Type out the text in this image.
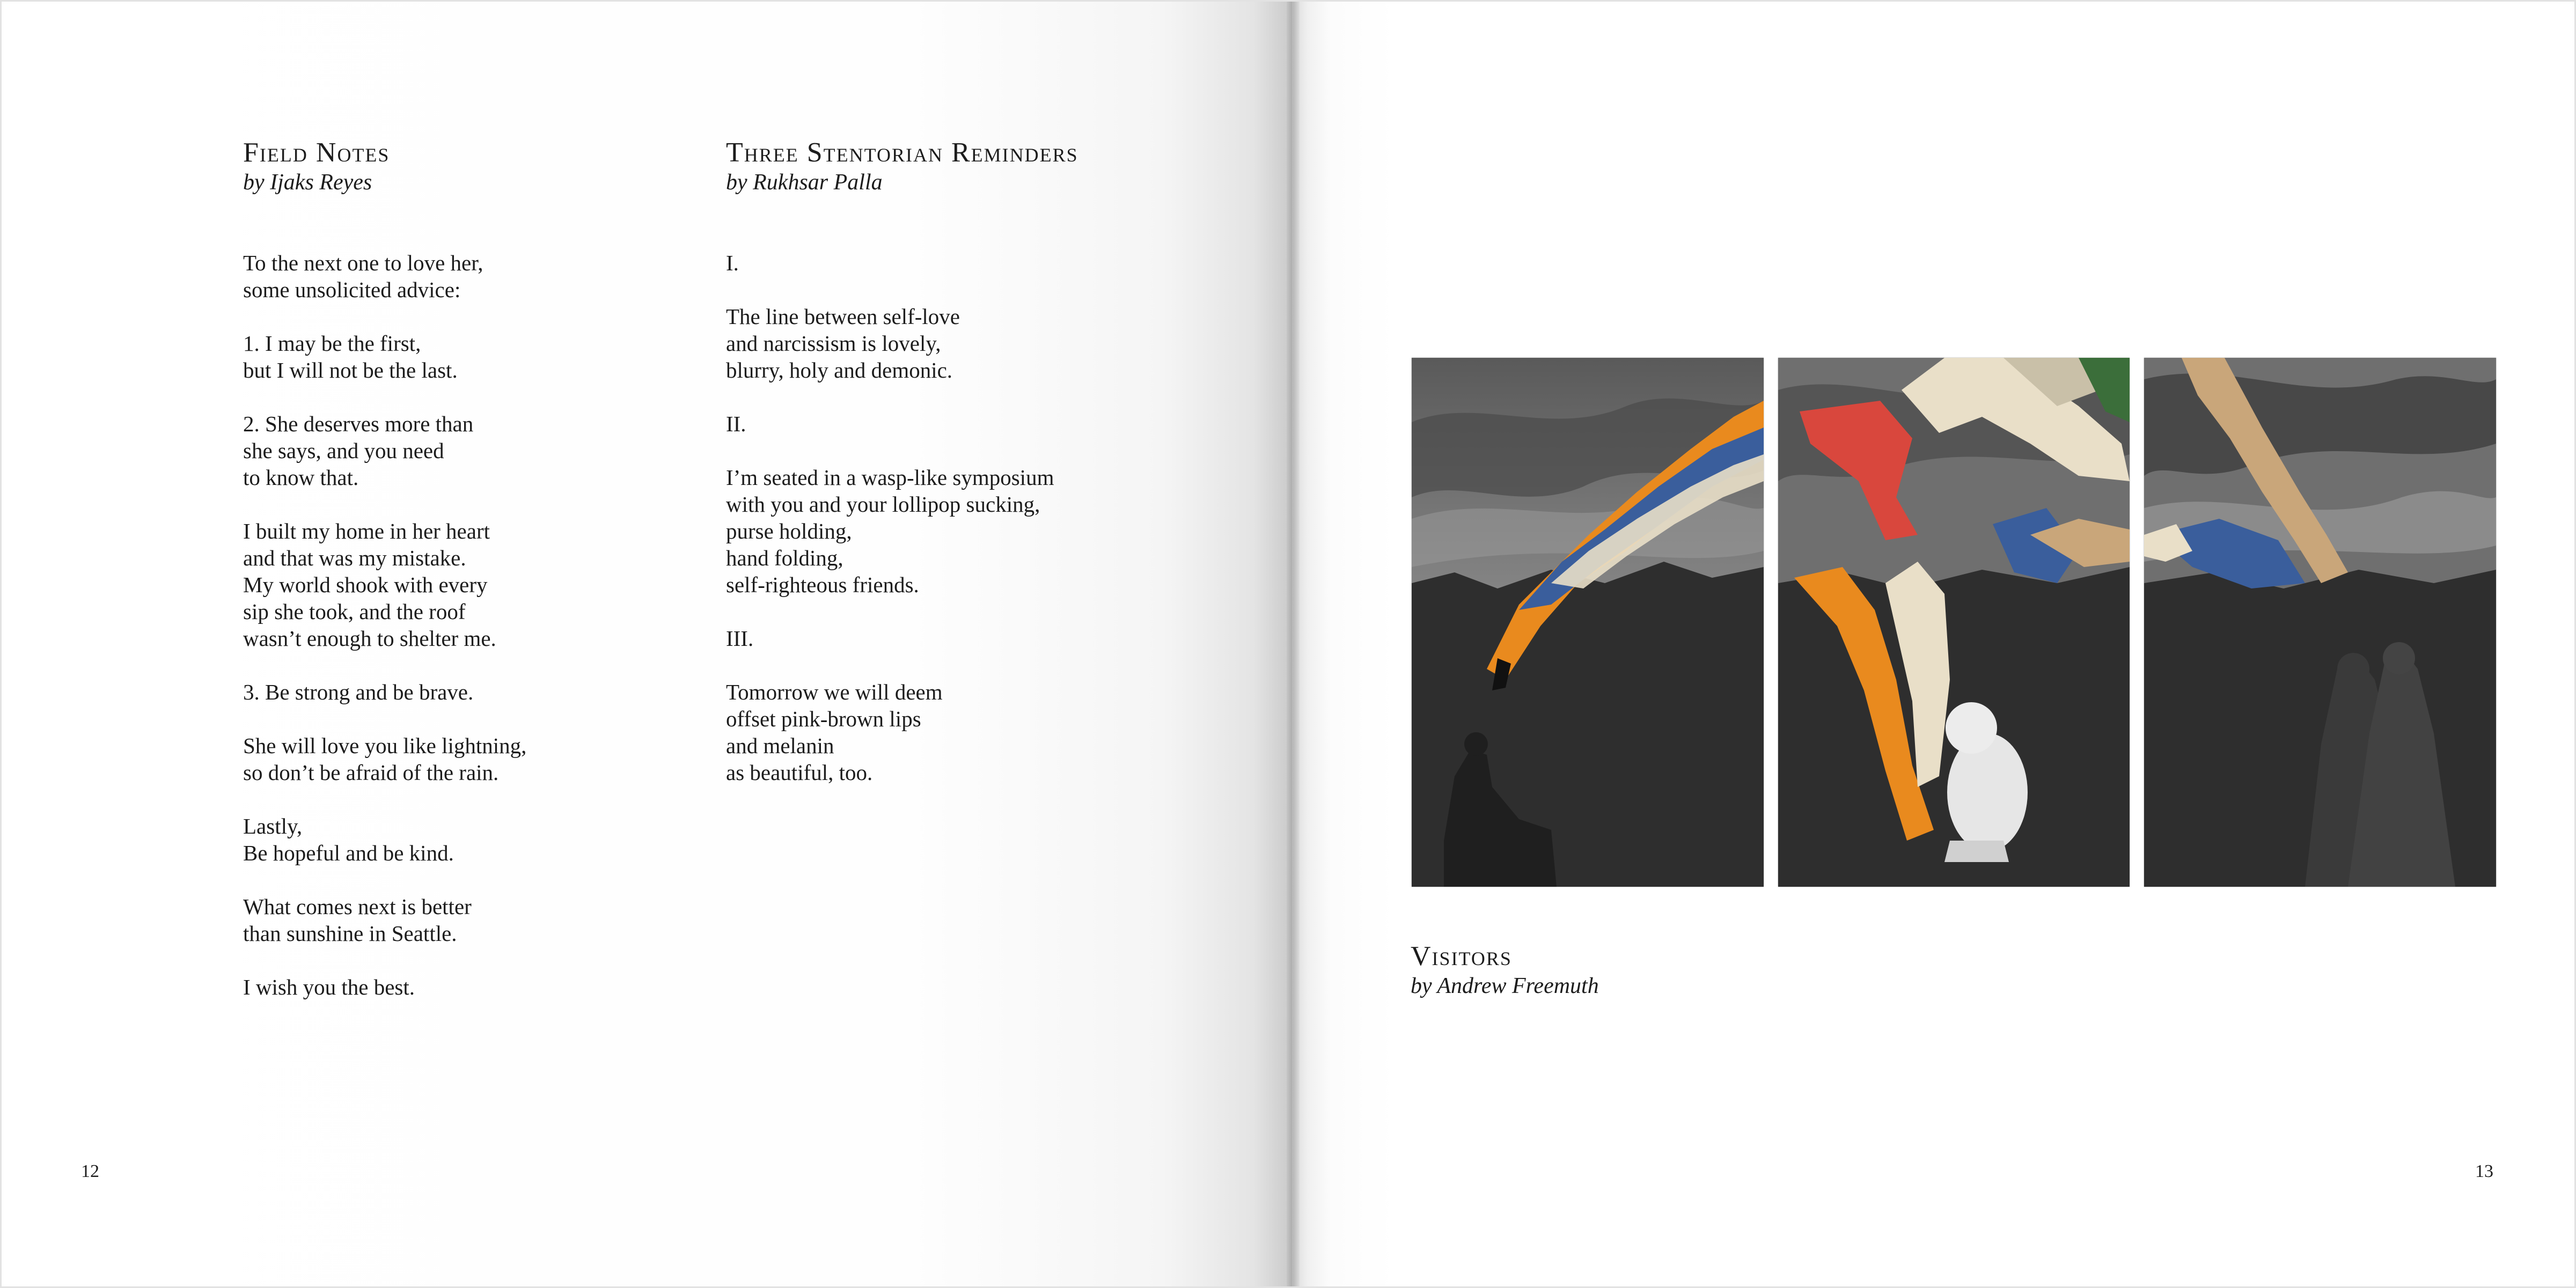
Field Notes
by Ijaks Reyes
To the next one to love her,
some unsolicited advice:
1. I may be the first,
but I will not be the last.
2. She deserves more than
she says, and you need
to know that.
I built my home in her heart
and that was my mistake.
My world shook with every
sip she took, and the roof
wasn’t enough to shelter me.
3. Be strong and be brave.
She will love you like lightning,
so don’t be afraid of the rain.
Lastly,
Be hopeful and be kind.
What comes next is better
than sunshine in Seattle.
I wish you the best.
Three Stentorian Reminders
by Rukhsar Palla
I.
The line between self-love
and narcissism is lovely,
blurry, holy and demonic.
II.
I’m seated in a wasp-like symposium
with you and your lollipop sucking,
purse holding,
hand folding,
self-righteous friends.
III.
Tomorrow we will deem
offset pink-brown lips
and melanin
as beautiful, too.
12	13
Visitors
by Andrew Freemuth
